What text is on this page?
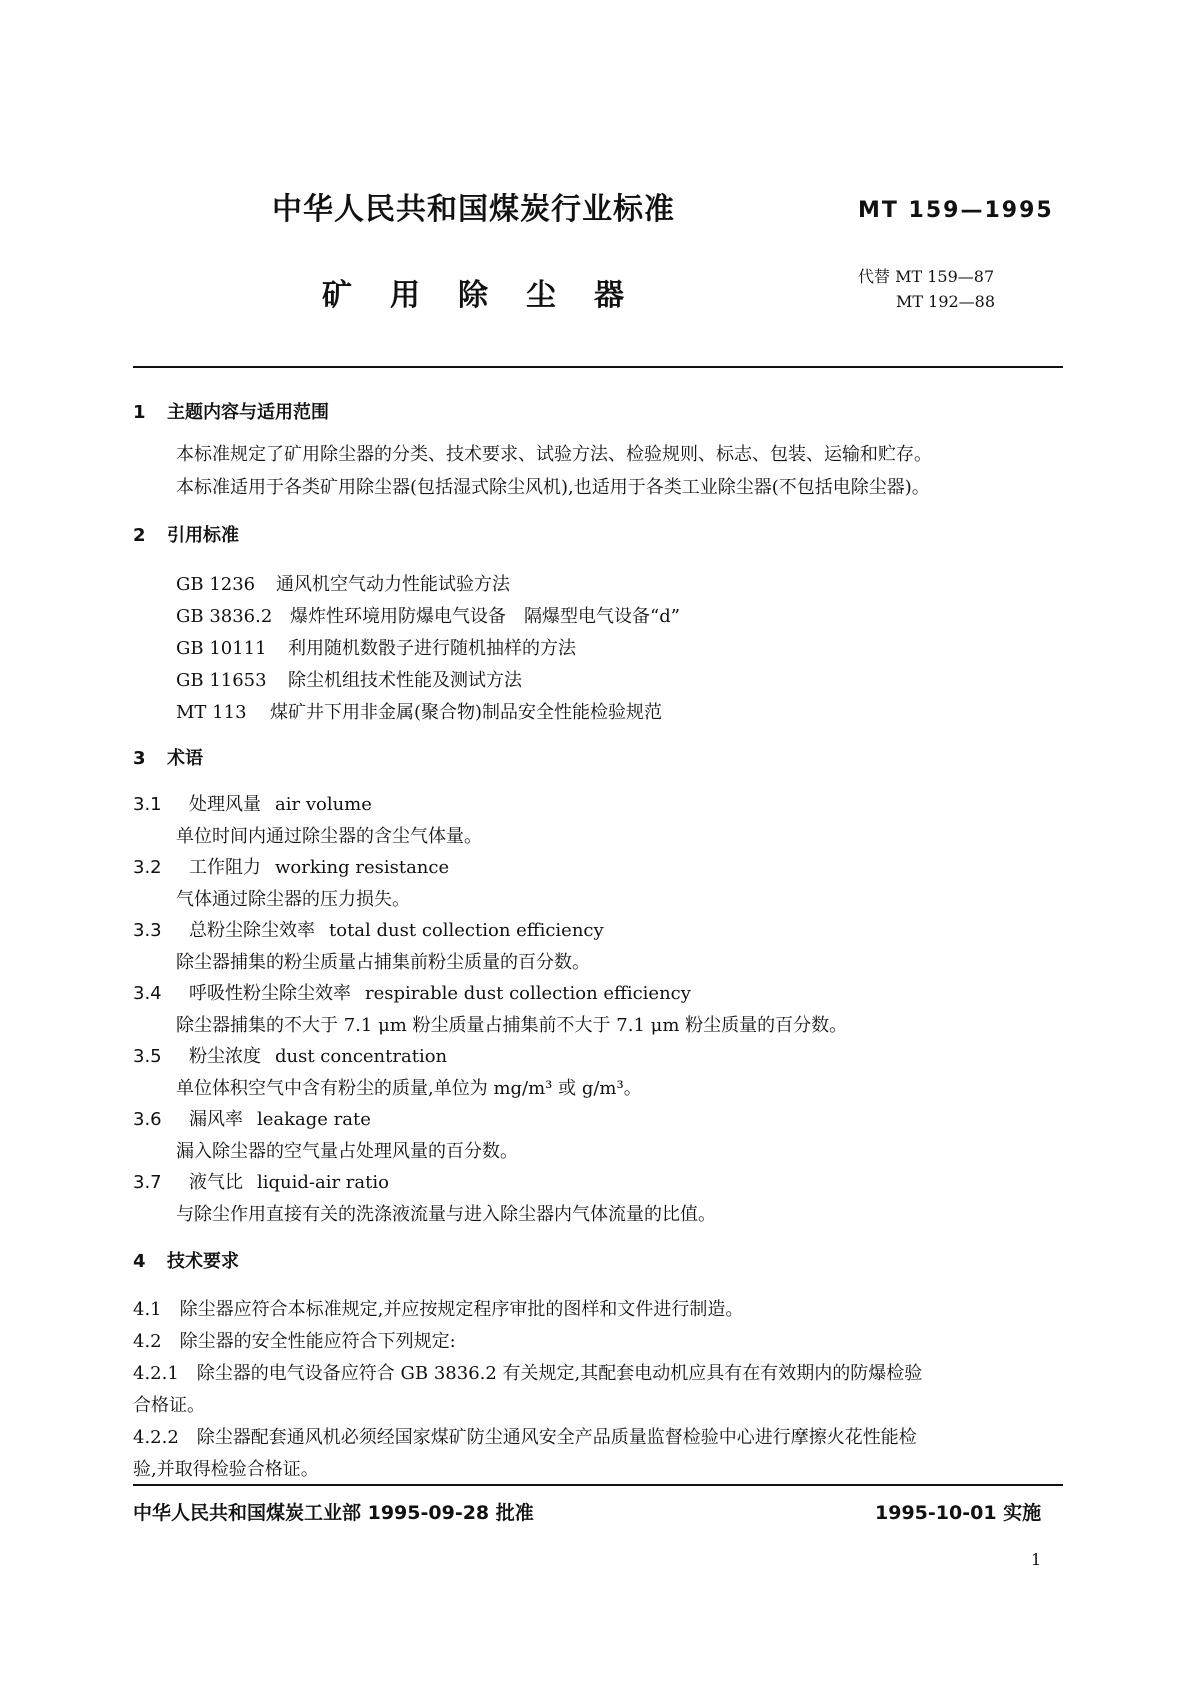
中华人民共和国煤炭行业标准	MT 159—1995
矿用除尘器
代替 MT 159—87
MT 192—88
1 主题内容与适用范围
本标准规定了矿用除尘器的分类、技术要求、试验方法、检验规则、标志、包装、运输和贮存。
本标准适用于各类矿用除尘器(包括湿式除尘风机),也适用于各类工业除尘器(不包括电除尘器)。
2 引用标准
GB 1236 通风机空气动力性能试验方法
GB 3836.2 爆炸性环境用防爆电气设备　隔爆型电气设备“d”
GB 10111 利用随机数骰子进行随机抽样的方法
GB 11653 除尘机组技术性能及测试方法
MT 113 煤矿井下用非金属(聚合物)制品安全性能检验规范
3 术语
3.1 处理风量 air volume
单位时间内通过除尘器的含尘气体量。
3.2 工作阻力 working resistance
气体通过除尘器的压力损失。
3.3 总粉尘除尘效率 total dust collection efficiency
除尘器捕集的粉尘质量占捕集前粉尘质量的百分数。
3.4 呼吸性粉尘除尘效率 respirable dust collection efficiency
除尘器捕集的不大于 7.1 μm 粉尘质量占捕集前不大于 7.1 μm 粉尘质量的百分数。
3.5 粉尘浓度 dust concentration
单位体积空气中含有粉尘的质量,单位为 mg/m³ 或 g/m³。
3.6 漏风率 leakage rate
漏入除尘器的空气量占处理风量的百分数。
3.7 液气比 liquid-air ratio
与除尘作用直接有关的洗涤液流量与进入除尘器内气体流量的比值。
4 技术要求
4.1　除尘器应符合本标准规定,并应按规定程序审批的图样和文件进行制造。
4.2　除尘器的安全性能应符合下列规定:
4.2.1　除尘器的电气设备应符合 GB 3836.2 有关规定,其配套电动机应具有在有效期内的防爆检验
合格证。
4.2.2　除尘器配套通风机必须经国家煤矿防尘通风安全产品质量监督检验中心进行摩擦火花性能检
验,并取得检验合格证。
中华人民共和国煤炭工业部 1995-09-28 批准	1995-10-01 实施
1
